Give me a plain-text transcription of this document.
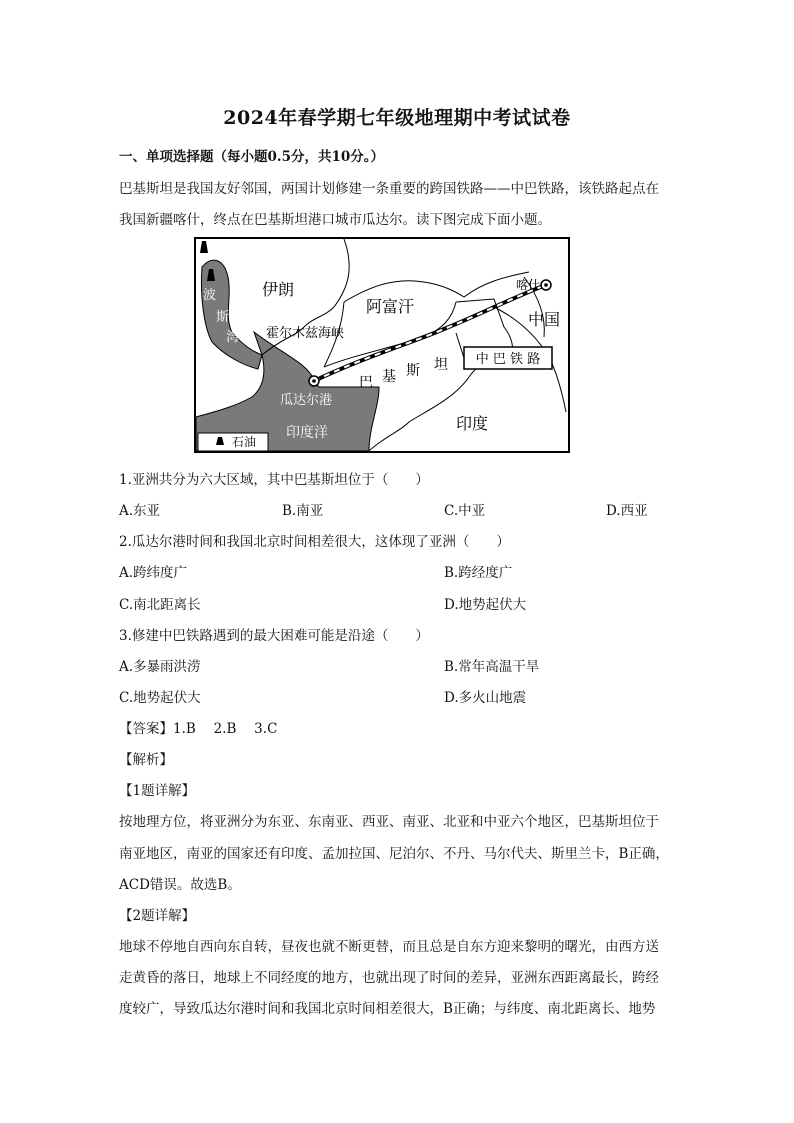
2024年春学期七年级地理期中考试试卷
一、单项选择题（每小题0.5分，共10分。）
巴基斯坦是我国友好邻国，两国计划修建一条重要的跨国铁路——中巴铁路，该铁路起点在
我国新疆喀什，终点在巴基斯坦港口城市瓜达尔。读下图完成下面小题。
波
斯
湾
伊朗
阿富汗
喀什
中国
霍尔木兹海峡
巴 基 斯 坦 中 巴 铁 路
瓜达尔港
印度
印度洋
石油
1.亚洲共分为六大区域，其中巴基斯坦位于（　　）
A.东亚	B.南亚	C.中亚	D.西亚
2.瓜达尔港时间和我国北京时间相差很大，这体现了亚洲（　　）
A.跨纬度广	B.跨经度广
C.南北距离长	D.地势起伏大
3.修建中巴铁路遇到的最大困难可能是沿途（　　）
A.多暴雨洪涝	B.常年高温干旱
C.地势起伏大	D.多火山地震
【答案】1.B　 2.B　 3.C
【解析】
【1题详解】
按地理方位，将亚洲分为东亚、东南亚、西亚、南亚、北亚和中亚六个地区，巴基斯坦位于
南亚地区，南亚的国家还有印度、孟加拉国、尼泊尔、不丹、马尔代夫、斯里兰卡，B正确，
ACD错误。故选B。
【2题详解】
地球不停地自西向东自转，昼夜也就不断更替，而且总是自东方迎来黎明的曙光，由西方送
走黄昏的落日，地球上不同经度的地方，也就出现了时间的差异，亚洲东西距离最长，跨经
度较广，导致瓜达尔港时间和我国北京时间相差很大，B正确；与纬度、南北距离长、地势
